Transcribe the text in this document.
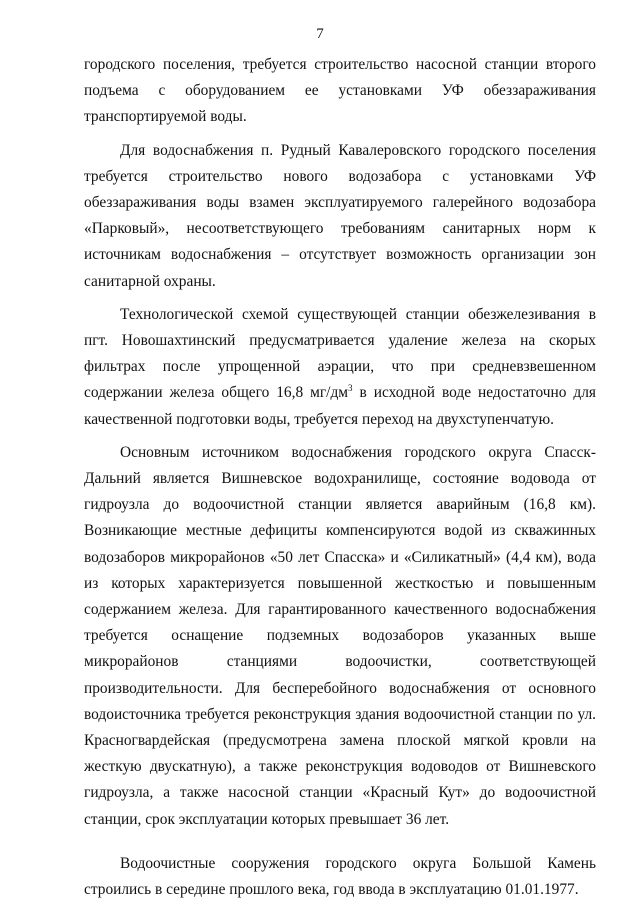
7

городского поселения, требуется строительство насосной станции второго подъема с оборудованием ее установками УФ обеззараживания транспортируемой воды.

Для водоснабжения п. Рудный Кавалеровского городского поселения требуется строительство нового водозабора с установками УФ обеззараживания воды взамен эксплуатируемого галерейного водозабора «Парковый», несоответствующего требованиям санитарных норм к источникам водоснабжения – отсутствует возможность организации зон санитарной охраны.

Технологической схемой существующей станции обезжелезивания в пгт. Новошахтинский предусматривается удаление железа на скорых фильтрах после упрощенной аэрации, что при средневзвешенном содержании железа общего 16,8 $мг/дм^3$ в исходной воде недостаточно для качественной подготовки воды, требуется переход на двухступенчатую.

Основным источником водоснабжения городского округа Спасск-Дальний является Вишневское водохранилище, состояние водовода от гидроузла до водоочистной станции является аварийным (16,8 км). Возникающие местные дефициты компенсируются водой из скважинных водозаборов микрорайонов «50 лет Спасска» и «Силикатный» (4,4 км), вода из которых характеризуется повышенной жесткостью и повышенным содержанием железа. Для гарантированного качественного водоснабжения требуется оснащение подземных водозаборов указанных выше микрорайонов станциями водоочистки, соответствующей производительности. Для бесперебойного водоснабжения от основного водоисточника требуется реконструкция здания водоочистной станции по ул. Красногвардейская (предусмотрена замена плоской мягкой кровли на жесткую двускатную), а также реконструкция водоводов от Вишневского гидроузла, а также насосной станции «Красный Кут» до водоочистной станции, срок эксплуатации которых превышает 36 лет.

Водоочистные сооружения городского округа Большой Камень строились в середине прошлого века, год ввода в эксплуатацию 01.01.1977.
